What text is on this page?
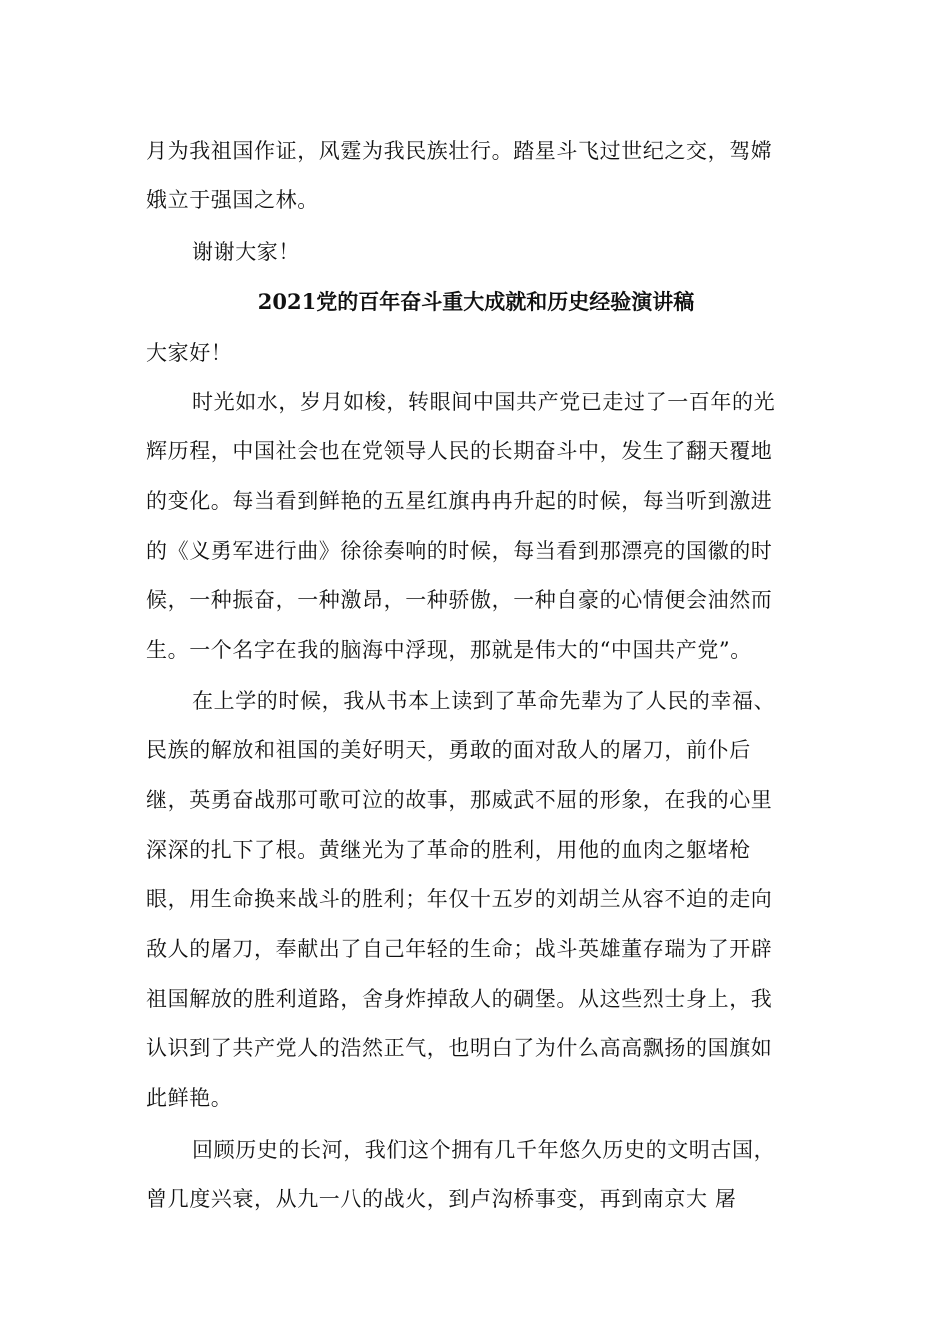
月为我祖国作证，风霆为我民族壮行。踏星斗飞过世纪之交，驾嫦
娥立于强国之林。
谢谢大家！
2021党的百年奋斗重大成就和历史经验演讲稿
大家好！
时光如水，岁月如梭，转眼间中国共产党已走过了一百年的光
辉历程，中国社会也在党领导人民的长期奋斗中，发生了翻天覆地
的变化。每当看到鲜艳的五星红旗冉冉升起的时候，每当听到激进
的《义勇军进行曲》徐徐奏响的时候，每当看到那漂亮的国徽的时
候，一种振奋，一种激昂，一种骄傲，一种自豪的心情便会油然而
生。一个名字在我的脑海中浮现，那就是伟大的“中国共产党”。
在上学的时候，我从书本上读到了革命先辈为了人民的幸福、
民族的解放和祖国的美好明天，勇敢的面对敌人的屠刀，前仆后
继，英勇奋战那可歌可泣的故事，那威武不屈的形象，在我的心里
深深的扎下了根。黄继光为了革命的胜利，用他的血肉之躯堵枪
眼，用生命换来战斗的胜利；年仅十五岁的刘胡兰从容不迫的走向
敌人的屠刀，奉献出了自己年轻的生命；战斗英雄董存瑞为了开辟
祖国解放的胜利道路，舍身炸掉敌人的碉堡。从这些烈士身上，我
认识到了共产党人的浩然正气，也明白了为什么高高飘扬的国旗如
此鲜艳。
回顾历史的长河，我们这个拥有几千年悠久历史的文明古国，
曾几度兴衰，从九一八的战火，到卢沟桥事变，再到南京大 屠
